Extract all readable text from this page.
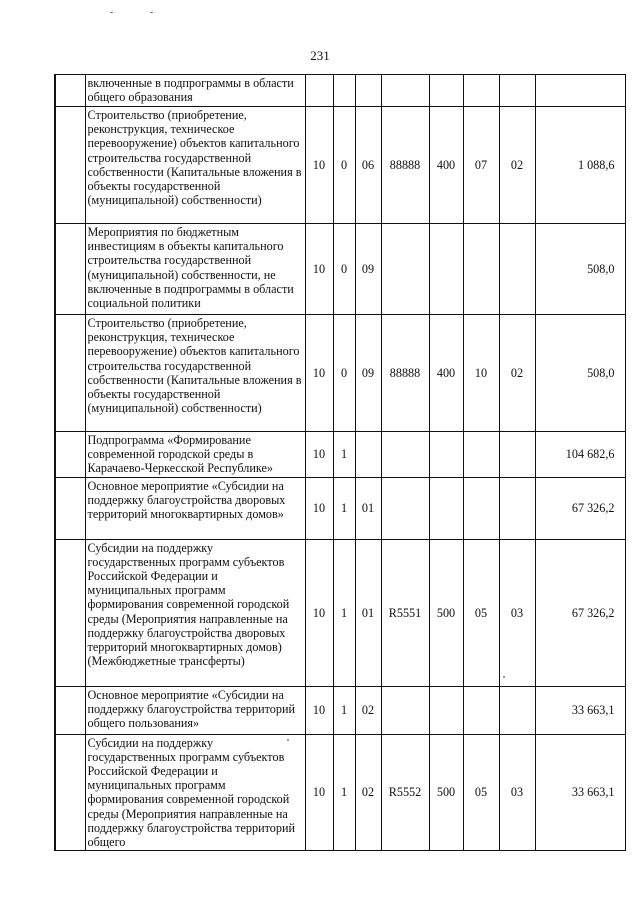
231
	включенные в подпрограммы в области общего образования								
	Строительство (приобретение, реконструкция, техническое перевооружение) объектов капитального строительства государственной собственности (Капитальные вложения в объекты государственной (муниципальной) собственности)	10	0	06	88888	400	07	02	1 088,6
	Мероприятия по бюджетным инвестициям в объекты капитального строительства государственной (муниципальной) собственности, не включенные в подпрограммы в области социальной политики	10	0	09					508,0
	Строительство (приобретение, реконструкция, техническое перевооружение) объектов капитального строительства государственной собственности (Капитальные вложения в объекты государственной (муниципальной) собственности)	10	0	09	88888	400	10	02	508,0
	Подпрограмма «Формирование современной городской среды в Карачаево-Черкесской Республике»	10	1						104 682,6
	Основное мероприятие «Субсидии на поддержку благоустройства дворовых территорий многоквартирных домов»	10	1	01					67 326,2
	Субсидии на поддержку государственных программ субъектов Российской Федерации и муниципальных программ формирования современной городской среды (Мероприятия направленные на поддержку благоустройства дворовых территорий многоквартирных домов) (Межбюджетные трансферты)	10	1	01	R5551	500	05	03	67 326,2
	Основное мероприятие «Субсидии на поддержку благоустройства территорий общего пользования»	10	1	02					33 663,1
	Субсидии на поддержку государственных программ субъектов Российской Федерации и муниципальных программ формирования современной городской среды (Мероприятия направленные на поддержку благоустройства территорий общего	10	1	02	R5552	500	05	03	33 663,1
